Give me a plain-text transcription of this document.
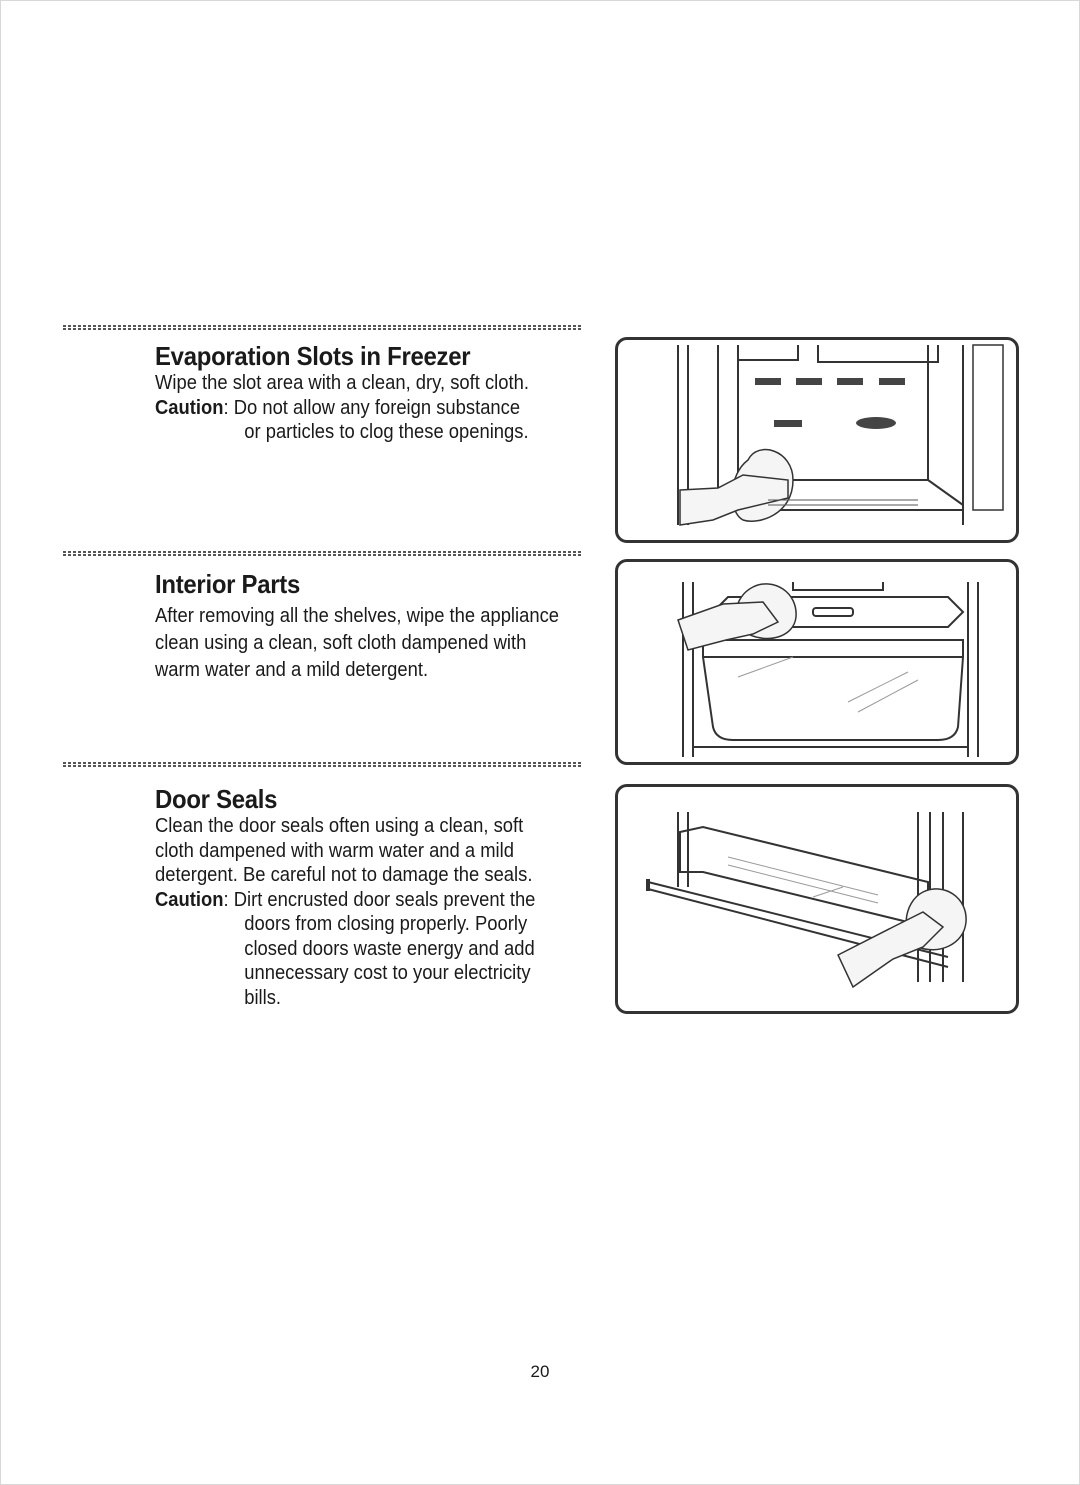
Evaporation Slots in Freezer

Wipe the slot area with a clean, dry, soft cloth.

Caution: Do not allow any foreign substance

or particles to clog these openings.

Interior Parts

After removing all the shelves, wipe the appliance

clean using a clean, soft cloth dampened with

warm water and a mild detergent.

Door Seals

Clean the door seals often using a clean, soft

cloth dampened with warm water and a mild

detergent. Be careful not to damage the seals.

Caution: Dirt encrusted door seals prevent the

doors from closing properly. Poorly

closed doors waste energy and add

unnecessary cost to your electricity

bills.

20
